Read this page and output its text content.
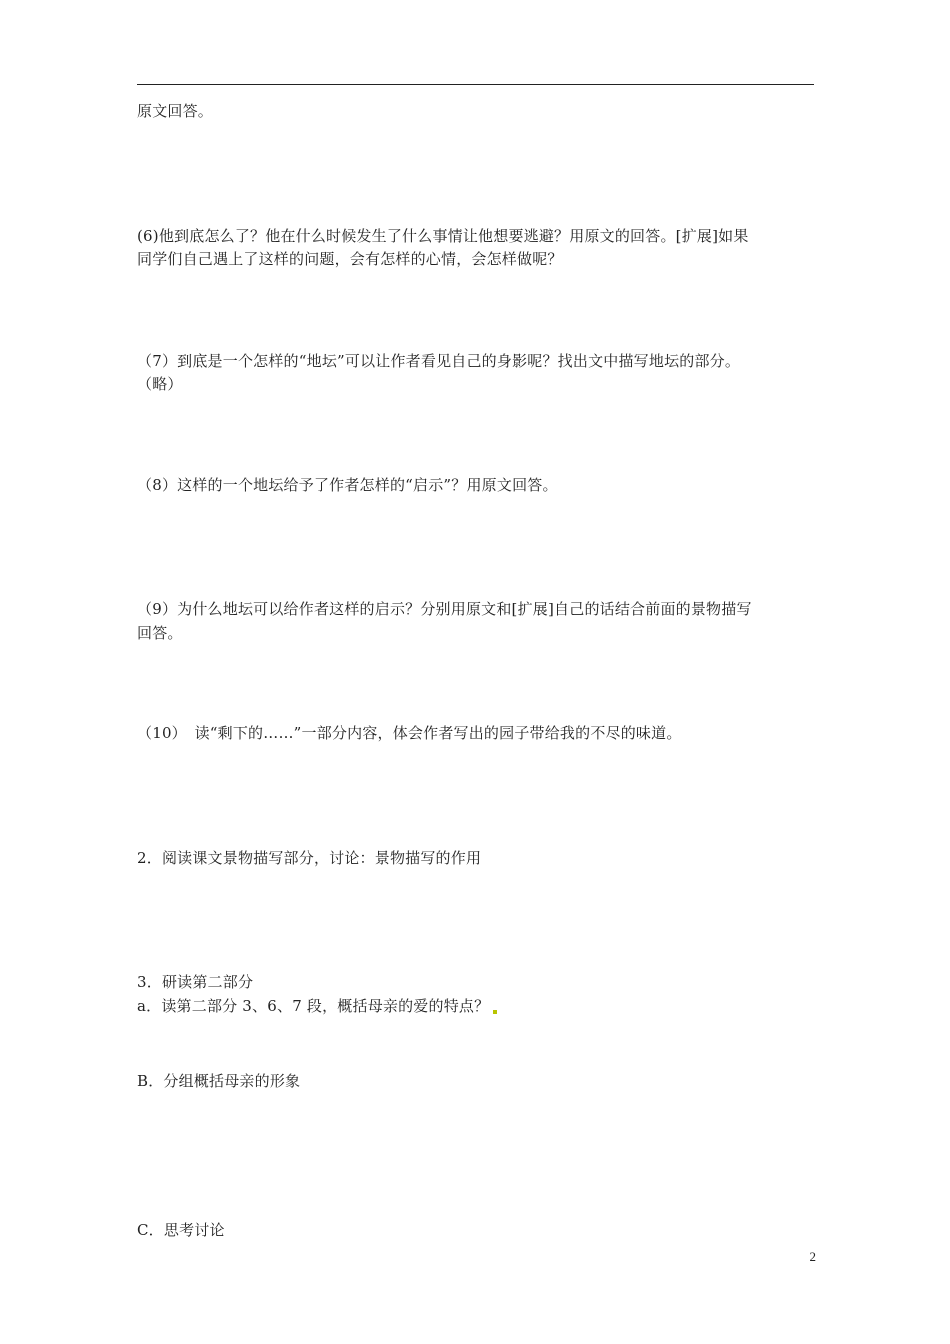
原文回答。
(6)他到底怎么了？他在什么时候发生了什么事情让他想要逃避？用原文的回答。[扩展]如果
同学们自己遇上了这样的问题，会有怎样的心情，会怎样做呢？
（7）到底是一个怎样的“地坛”可以让作者看见自己的身影呢？找出文中描写地坛的部分。
（略）
（8）这样的一个地坛给予了作者怎样的“启示”？用原文回答。
（9）为什么地坛可以给作者这样的启示？分别用原文和[扩展]自己的话结合前面的景物描写
回答。
（10）　读“剩下的……”一部分内容，体会作者写出的园子带给我的不尽的味道。
2．阅读课文景物描写部分，讨论：景物描写的作用
3．研读第二部分
a．读第二部分 3、6、7 段，概括母亲的爱的特点？
B．分组概括母亲的形象
C．思考讨论
2
